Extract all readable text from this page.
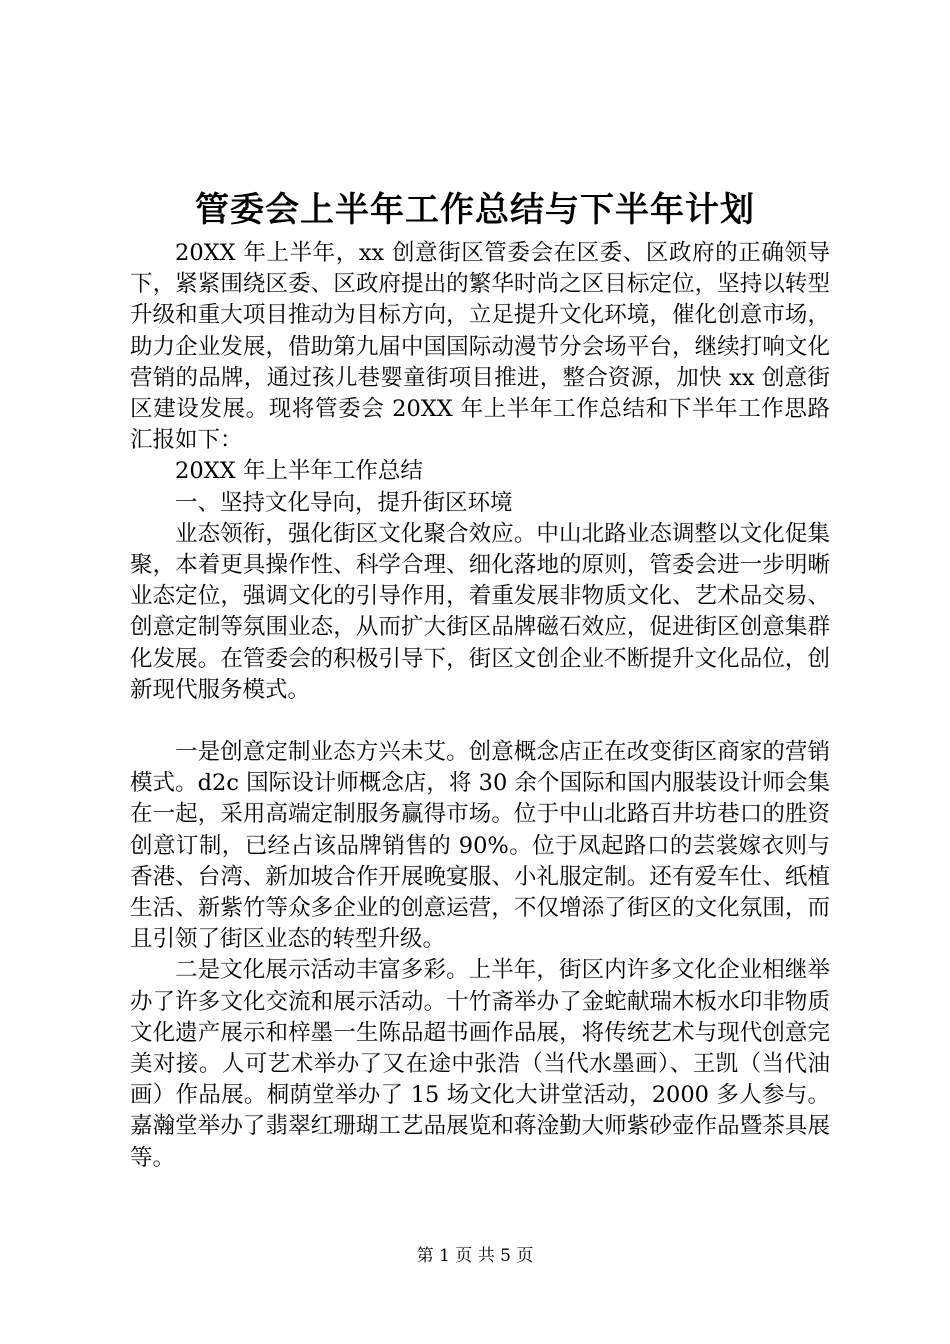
管委会上半年工作总结与下半年计划

20XX 年上半年，xx 创意街区管委会在区委、区政府的正确领导下，紧紧围绕区委、区政府提出的繁华时尚之区目标定位，坚持以转型升级和重大项目推动为目标方向，立足提升文化环境，催化创意市场，助力企业发展，借助第九届中国国际动漫节分会场平台，继续打响文化营销的品牌，通过孩儿巷婴童街项目推进，整合资源，加快 xx 创意街区建设发展。现将管委会 20XX 年上半年工作总结和下半年工作思路汇报如下：

20XX 年上半年工作总结

一、坚持文化导向，提升街区环境

业态领衔，强化街区文化聚合效应。中山北路业态调整以文化促集聚，本着更具操作性、科学合理、细化落地的原则，管委会进一步明晰业态定位，强调文化的引导作用，着重发展非物质文化、艺术品交易、创意定制等氛围业态，从而扩大街区品牌磁石效应，促进街区创意集群化发展。在管委会的积极引导下，街区文创企业不断提升文化品位，创新现代服务模式。

一是创意定制业态方兴未艾。创意概念店正在改变街区商家的营销模式。d2c 国际设计师概念店，将 30 余个国际和国内服装设计师会集在一起，采用高端定制服务赢得市场。位于中山北路百井坊巷口的胜资创意订制，已经占该品牌销售的 90%。位于凤起路口的芸裳嫁衣则与香港、台湾、新加坡合作开展晚宴服、小礼服定制。还有爱车仕、纸植生活、新紫竹等众多企业的创意运营，不仅增添了街区的文化氛围，而且引领了街区业态的转型升级。

二是文化展示活动丰富多彩。上半年，街区内许多文化企业相继举办了许多文化交流和展示活动。十竹斋举办了金蛇献瑞木板水印非物质文化遗产展示和梓墨一生陈品超书画作品展，将传统艺术与现代创意完美对接。人可艺术举办了又在途中张浩（当代水墨画）、王凯（当代油画）作品展。桐荫堂举办了 15 场文化大讲堂活动，2000 多人参与。嘉瀚堂举办了翡翠红珊瑚工艺品展览和蒋淦勤大师紫砂壶作品暨茶具展等。

第 1 页 共 5 页
